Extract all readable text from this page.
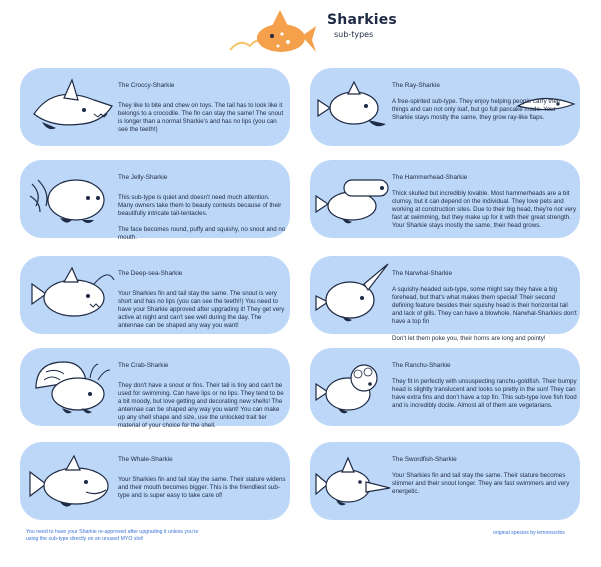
Sharkies
sub-types
The Croccy-Sharkie
They like to bite and chew on toys. The tail has to look like it belongs to a crocodile. The fin can stay the same! The snout is longer than a normal Sharkie's and has no lips (you can see the teeth!)
The Jelly-Sharkie
This sub-type is quiet and doesn't need much attention. Many owners take them to beauty contests because of their beautifully intricate tail-tentacles.

The face becomes round, puffy and squishy, no snout and no mouth.
The Deep-sea-Sharkie
Your Sharkies fin and tail stay the same. The snout is very short and has no lips (you can see the teeth!!) You need to have your Sharkie approved after upgrading it! They get very active at night and can't see well during the day. The antennae can be shaped any way you want!
The Crab-Sharkie
They don't have a snout or fins. Their tail is tiny and can't be used for swimming. Can have lips or no lips. They tend to be a bit moody, but love getting and decorating new shells! The antennae can be shaped any way you want! You can make up any shell shape and size, use the unlocked trait tier material of your choice for the shell.
The Whale-Sharkie
Your Sharkies fin and tail stay the same. Their stature widens and their mouth becomes bigger. This is the friendliest sub-type and is super easy to take care of!
The Ray-Sharkie
A free-spirited sub-type. They enjoy helping people carry their things and can not only loaf, but go full pancake mode. Your Sharkie stays mostly the same, they grow ray-like flaps.
The Hammerhead-Sharkie
Thick skulled but incredibly lovable. Most hammerheads are a bit clumsy, but it can depend on the individual. They love pets and working at construction sites. Due to their big head, they're not very fast at swimming, but they make up for it with their great strength. Your Sharkie stays mostly the same, their head grows.
The Narwhal-Sharkie
A squishy-headed sub-type, some might say they have a big forehead, but that's what makes them special! Their second defining feature besides their squishy head is their horizontal tail and lack of gills. They can have a blowhole. Narwhal-Sharkies don't have a top fin

Don't let them poke you, their horns are long and pointy!
The Ranchu-Sharkie
They fit in perfectly with unsuspecting ranchu-goldfish. Their bumpy head is slightly translucent and looks so pretty in the sun! They can have extra fins and don't have a top fin. This sub-type love fish food and is incredibly docile. Almost all of them are vegetarians.
The Swordfish-Sharkie
Your Sharkies fin and tail stay the same. Their stature becomes slimmer and their snout longer. They are fast swimmers and very energetic.
You need to have your Sharkie re-approved after upgrading it unless you're using the sub-type directly on an unused MYO slot!
original species by lemonscribs
